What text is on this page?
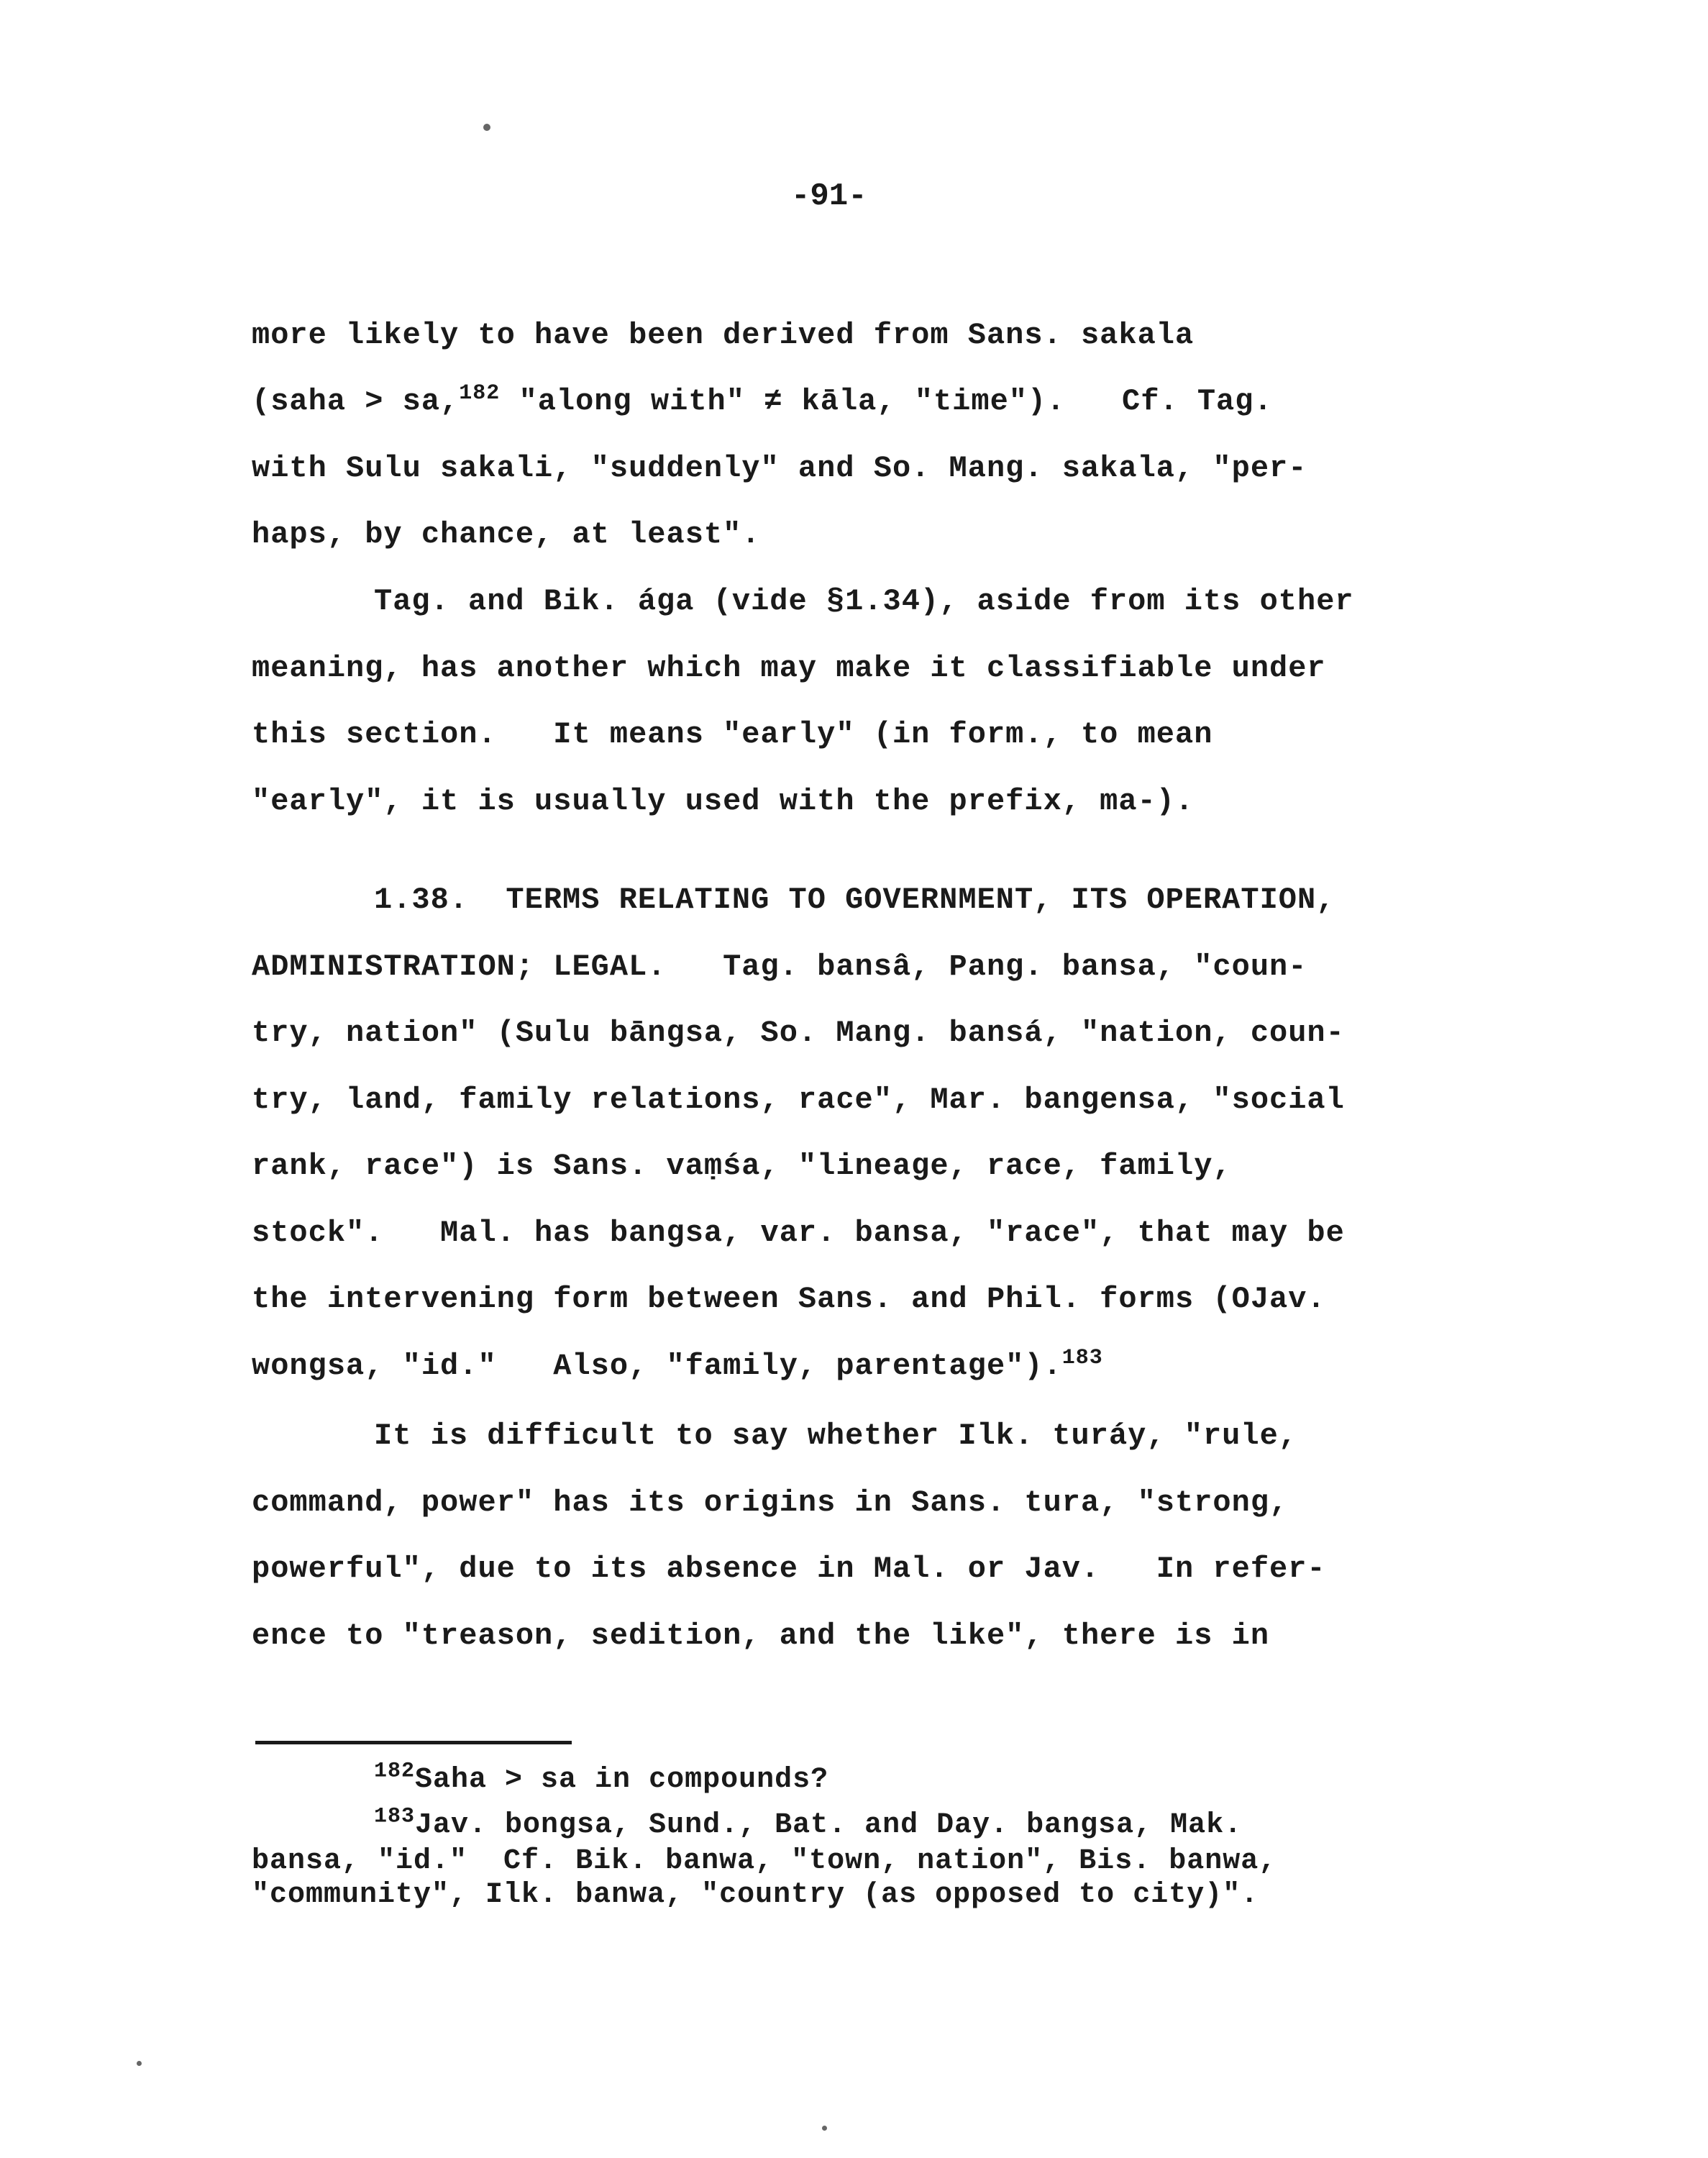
-91-
more likely to have been derived from Sans. sakala
(saha > sa,$^{182}$ "along with" ≠ kāla, "time").   Cf. Tag.
with Sulu sakali, "suddenly" and So. Mang. sakala, "per-
haps, by chance, at least".
Tag. and Bik. ága (vide §1.34), aside from its other
meaning, has another which may make it classifiable under
this section.   It means "early" (in form., to mean
"early", it is usually used with the prefix, ma-).
1.38.  TERMS RELATING TO GOVERNMENT, ITS OPERATION,
ADMINISTRATION; LEGAL.   Tag. bansâ, Pang. bansa, "coun-
try, nation" (Sulu bāngsa, So. Mang. bansá, "nation, coun-
try, land, family relations, race", Mar. bangensa, "social
rank, race") is Sans. vaṃśa, "lineage, race, family,
stock".   Mal. has bangsa, var. bansa, "race", that may be
the intervening form between Sans. and Phil. forms (OJav.
wongsa, "id."   Also, "family, parentage").$^{183}$
It is difficult to say whether Ilk. turáy, "rule,
command, power" has its origins in Sans. tura, "strong,
powerful", due to its absence in Mal. or Jav.   In refer-
ence to "treason, sedition, and the like", there is in
$^{182}$Saha > sa in compounds?
$^{183}$Jav. bongsa, Sund., Bat. and Day. bangsa, Mak.
bansa, "id."  Cf. Bik. banwa, "town, nation", Bis. banwa,
"community", Ilk. banwa, "country (as opposed to city)".
